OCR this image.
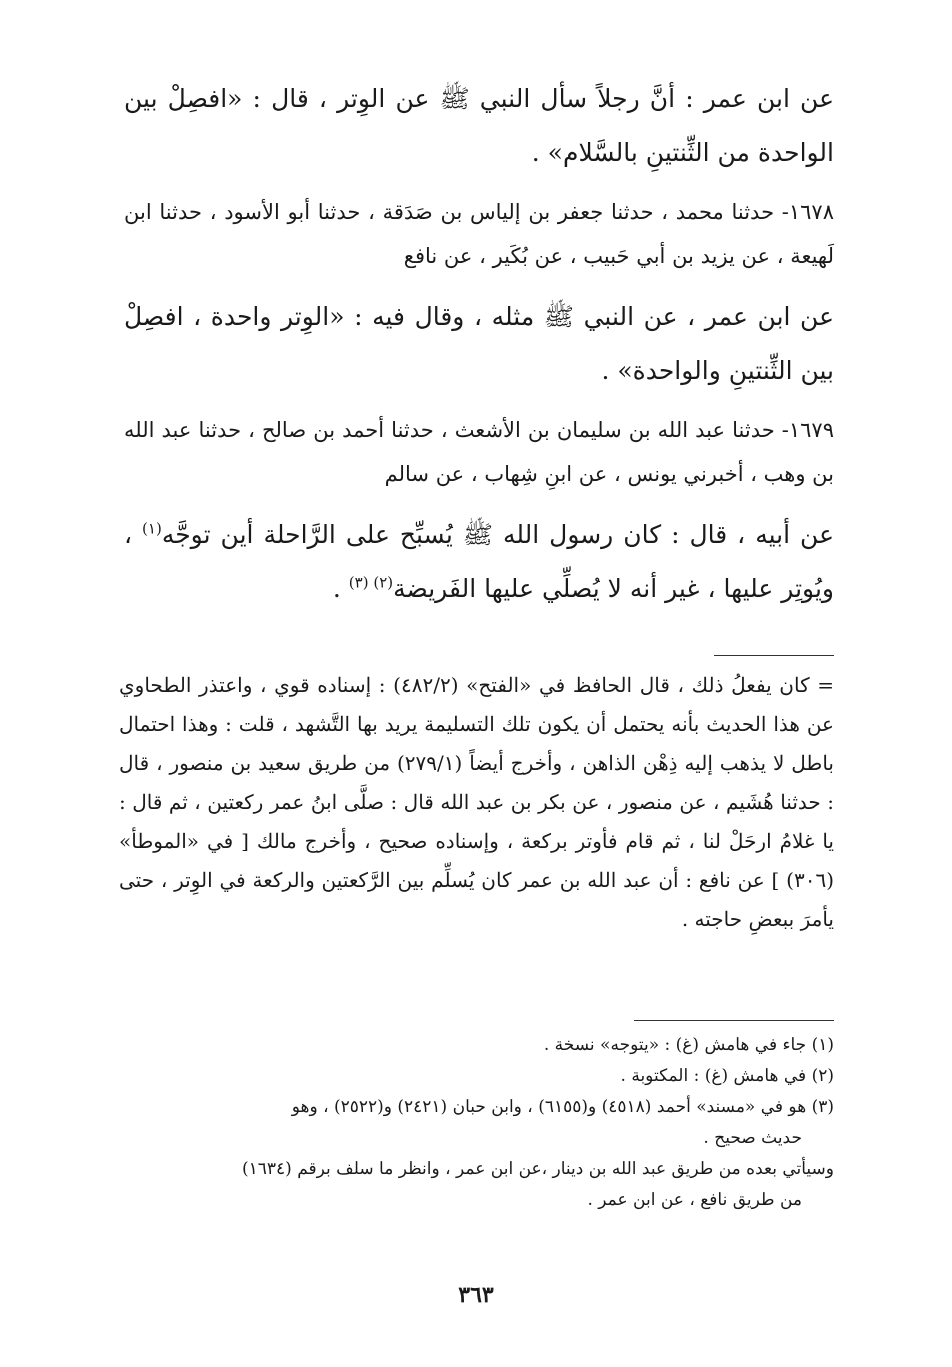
عن ابن عمر : أنَّ رجلاً سأل النبي ﷺ عن الوِتر ، قال : «افصِلْ بين الواحدة من الثِّنتينِ بالسَّلام» .

١٦٧٨- حدثنا محمد ، حدثنا جعفر بن إلياس بن صَدَقة ، حدثنا أبو الأسود ، حدثنا ابن لَهيعة ، عن يزيد بن أبي حَبيب ، عن بُكَير ، عن نافع

عن ابن عمر ، عن النبي ﷺ مثله ، وقال فيه : «الوِتر واحدة ، افصِلْ بين الثِّنتينِ والواحدة» .

١٦٧٩- حدثنا عبد الله بن سليمان بن الأشعث ، حدثنا أحمد بن صالح ، حدثنا عبد الله بن وهب ، أخبرني يونس ، عن ابنِ شِهاب ، عن سالم

عن أبيه ، قال : كان رسول الله ﷺ يُسبِّح على الرَّاحلة أين توجَّه$^{(١)}$ ، ويُوتِر عليها ، غير أنه لا يُصلِّي عليها الفَريضة$^{(٢) (٣)}$ .

= كان يفعلُ ذلك ، قال الحافظ في «الفتح» (٤٨٢/٢) : إسناده قوي ، واعتذر الطحاوي عن هذا الحديث بأنه يحتمل أن يكون تلك التسليمة يريد بها التَّشهد ، قلت : وهذا احتمال باطل لا يذهب إليه ذِهْن الذاهن ، وأخرج أيضاً (٢٧٩/١) من طريق سعيد بن منصور ، قال : حدثنا هُشَيم ، عن منصور ، عن بكر بن عبد الله قال : صلَّى ابنُ عمر ركعتين ، ثم قال : يا غلامُ ارحَلْ لنا ، ثم قام فأوتر بركعة ، وإسناده صحيح ، وأخرج مالك [ في «الموطأ» (٣٠٦) ] عن نافع : أن عبد الله بن عمر كان يُسلِّم بين الرَّكعتين والركعة في الوِتر ، حتى يأمرَ ببعضِ حاجته .

(١) جاء في هامش (غ) : «يتوجه» نسخة .

(٢) في هامش (غ) : المكتوبة .

(٣) هو في «مسند» أحمد (٤٥١٨) و(٦١٥٥) ، وابن حبان (٢٤٢١) و(٢٥٢٢) ، وهو

حديث صحيح .

وسيأتي بعده من طريق عبد الله بن دينار ،عن ابن عمر ، وانظر ما سلف برقم (١٦٣٤)

من طريق نافع ، عن ابن عمر .

٣٦٣
